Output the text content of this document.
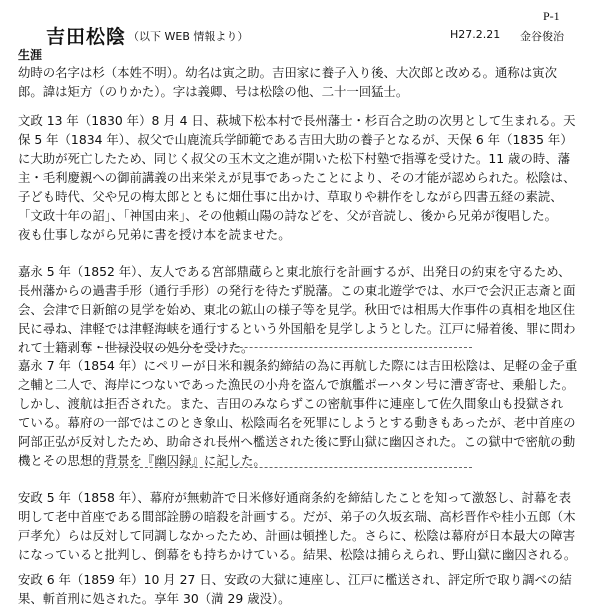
P-1
吉田松陰 （以下 WEB 情報より）	H27.2.21 金谷俊治
生涯
幼時の名字は杉（本姓不明）。幼名は寅之助。吉田家に養子入り後、大次郎と改める。通称は寅次
郎。諱は矩方（のりかた）。字は義卿、号は松陰の他、二十一回猛士。
文政 13 年（1830 年）8 月 4 日、萩城下松本村で長州藩士・杉百合之助の次男として生まれる。天
保 5 年（1834 年）、叔父で山鹿流兵学師範である吉田大助の養子となるが、天保 6 年（1835 年）
に大助が死亡したため、同じく叔父の玉木文之進が開いた松下村塾で指導を受けた。11 歳の時、藩
主・毛利慶親への御前講義の出来栄えが見事であったことにより、その才能が認められた。松陰は、
子ども時代、父や兄の梅太郎とともに畑仕事に出かけ、草取りや耕作をしながら四書五経の素読、
「文政十年の詔」、「神国由来」、その他頼山陽の詩などを、父が音読し、後から兄弟が復唱した。
夜も仕事しながら兄弟に書を授け本を読ませた。
嘉永 5 年（1852 年）、友人である宮部鼎蔵らと東北旅行を計画するが、出発日の約束を守るため、
長州藩からの過書手形（通行手形）の発行を待たず脱藩。この東北遊学では、水戸で会沢正志斎と面
会、会津で日新館の見学を始め、東北の鉱山の様子等を見学。秋田では相馬大作事件の真相を地区住
民に尋ね、津軽では津軽海峡を通行するという外国船を見学しようとした。江戸に帰着後、罪に問わ
れて士籍剥奪・世禄没収の処分を受けた。
嘉永 7 年（1854 年）にペリーが日米和親条約締結の為に再航した際には吉田松陰は、足軽の金子重
之輔と二人で、海岸につないであった漁民の小舟を盗んで旗艦ポーハタン号に漕ぎ寄せ、乗船した。
しかし、渡航は拒否された。また、吉田のみならずこの密航事件に連座して佐久間象山も投獄され
ている。幕府の一部ではこのとき象山、松陰両名を死罪にしようとする動きもあったが、老中首座の
阿部正弘が反対したため、助命され長州へ檻送された後に野山獄に幽囚された。この獄中で密航の動
機とその思想的背景を『幽囚録』に記した。
安政 5 年（1858 年）、幕府が無勅許で日米修好通商条約を締結したことを知って激怒し、討幕を表
明して老中首座である間部詮勝の暗殺を計画する。だが、弟子の久坂玄瑞、高杉晋作や桂小五郎（木
戸孝允）らは反対して同調しなかったため、計画は頓挫した。さらに、松陰は幕府が日本最大の障害
になっていると批判し、倒幕をも持ちかけている。結果、松陰は捕らえられ、野山獄に幽囚される。
安政 6 年（1859 年）10 月 27 日、安政の大獄に連座し、江戸に檻送され、評定所で取り調べの結
果、斬首刑に処された。享年 30（満 29 歳没）。
